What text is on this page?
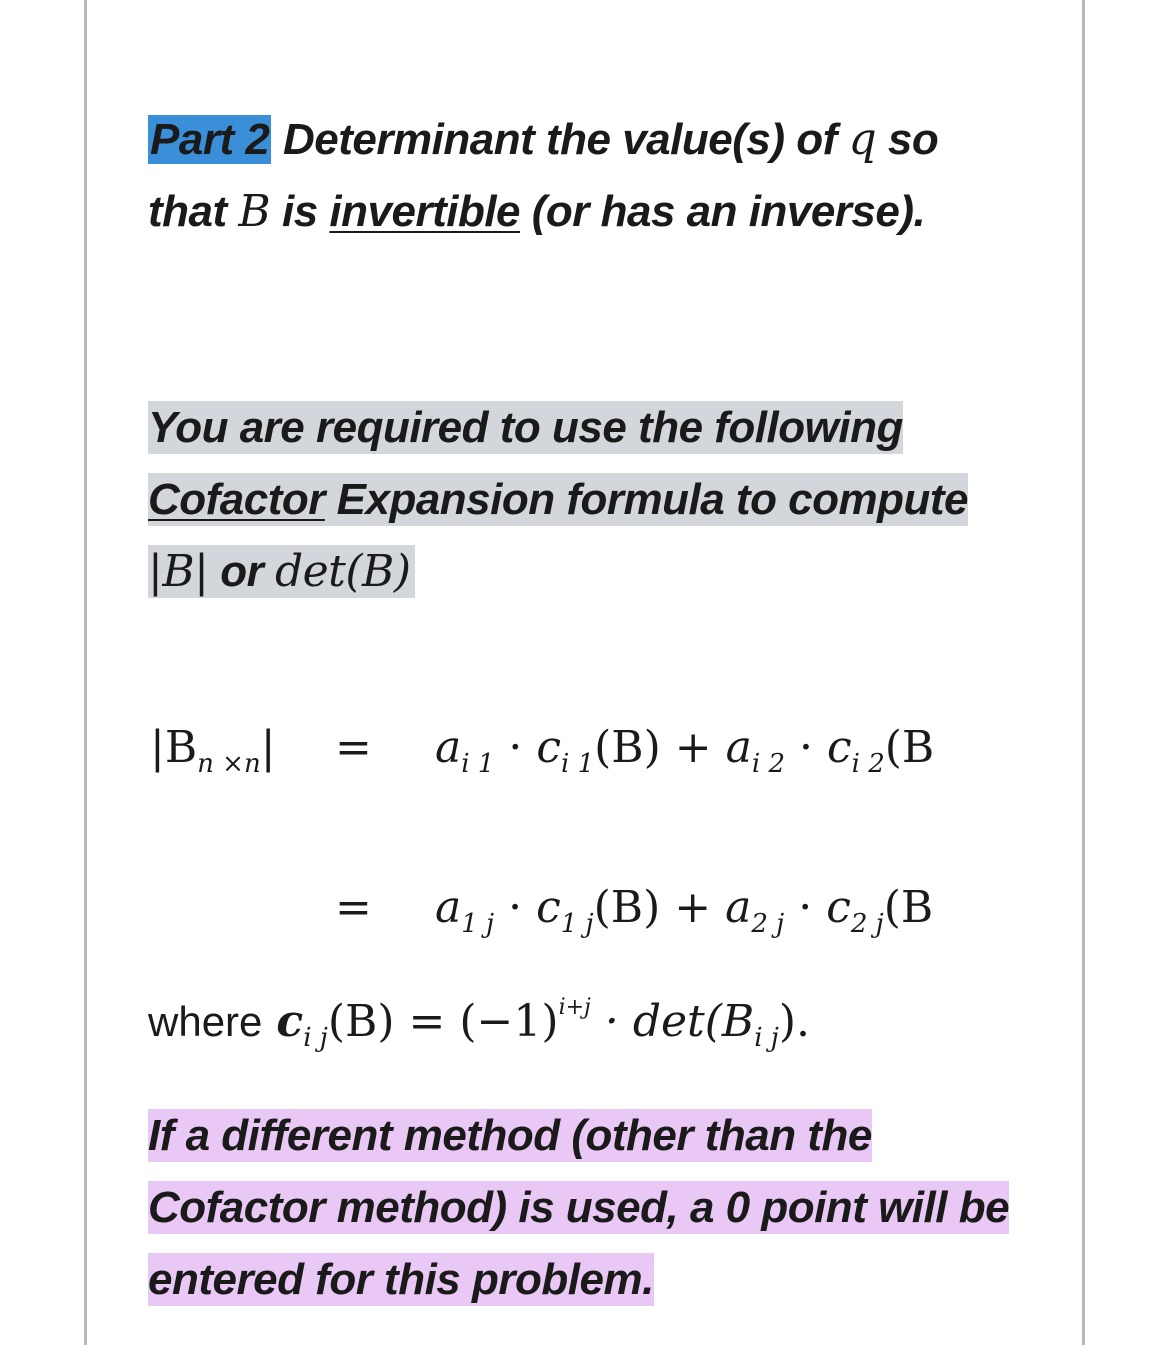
Part 2 Determinant the value(s) of q so
that B is invertible (or has an inverse).
You are required to use the following
Cofactor Expansion formula to compute
|B| or det(B)
$|B_{n \times n}| = a_{i 1} \cdot c_{i 1}(B) + a_{i 2} \cdot c_{i 2}(B$
= $a_{1 j} \cdot c_{1 j}(B) + a_{2 j} \cdot c_{2 j}(B$
where $c_{i j}(B) = (-1)^{i+j} \cdot \det(B_{i j})$.
If a different method (other than the
Cofactor method) is used, a 0 point will be
entered for this problem.
